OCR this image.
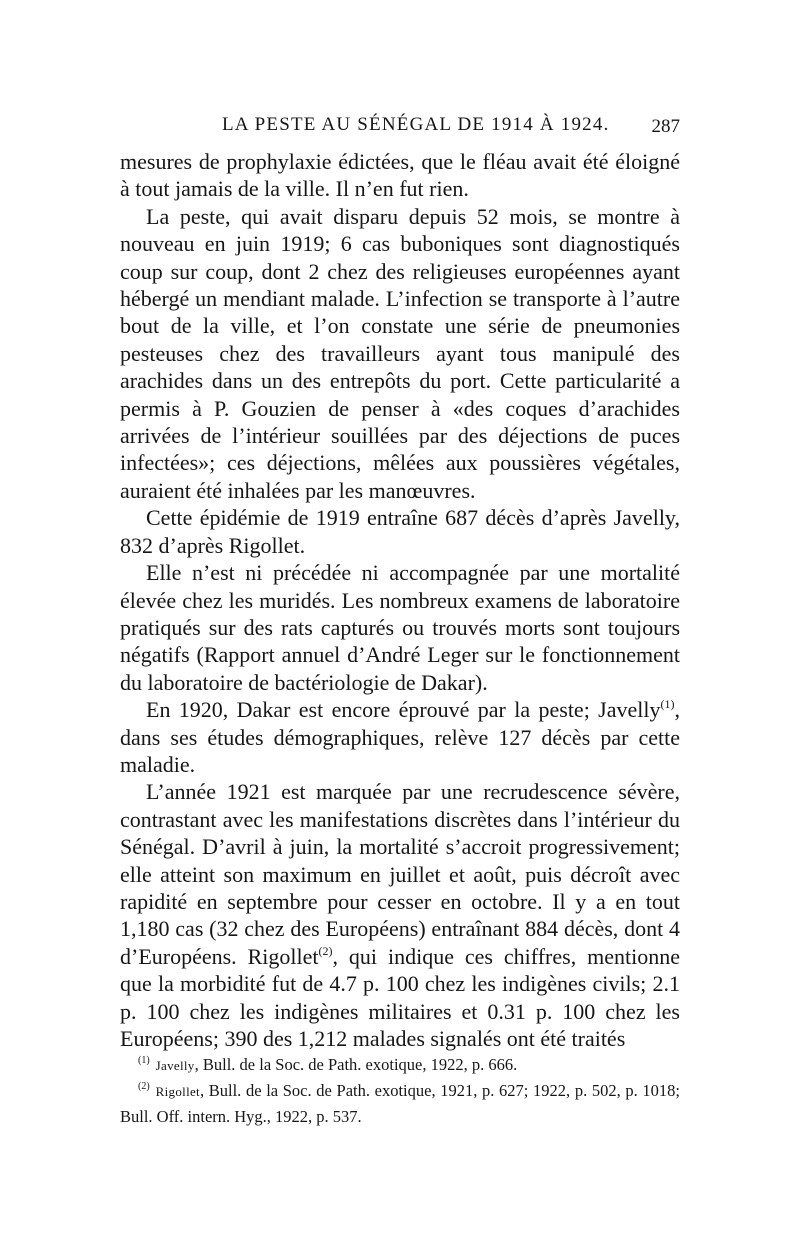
LA PESTE AU SÉNÉGAL DE 1914 À 1924. 287

mesures de prophylaxie édictées, que le fléau avait été éloigné à tout jamais de la ville. Il n’en fut rien.

La peste, qui avait disparu depuis 52 mois, se montre à nouveau en juin 1919; 6 cas buboniques sont diagnostiqués coup sur coup, dont 2 chez des religieuses européennes ayant hébergé un mendiant malade. L’infection se transporte à l’autre bout de la ville, et l’on constate une série de pneumonies pesteuses chez des travailleurs ayant tous manipulé des arachides dans un des entrepôts du port. Cette particularité a permis à P. Gouzien de penser à «des coques d’arachides arrivées de l’intérieur souillées par des déjections de puces infectées»; ces déjections, mêlées aux poussières végétales, auraient été inhalées par les manœuvres.

Cette épidémie de 1919 entraîne 687 décès d’après Javelly, 832 d’après Rigollet.

Elle n’est ni précédée ni accompagnée par une mortalité élevée chez les muridés. Les nombreux examens de laboratoire pratiqués sur des rats capturés ou trouvés morts sont toujours négatifs (Rapport annuel d’André Leger sur le fonctionnement du laboratoire de bactériologie de Dakar).

En 1920, Dakar est encore éprouvé par la peste; Javelly$^{(1)}$, dans ses études démographiques, relève 127 décès par cette maladie.

L’année 1921 est marquée par une recrudescence sévère, contrastant avec les manifestations discrètes dans l’intérieur du Sénégal. D’avril à juin, la mortalité s’accroit progressivement; elle atteint son maximum en juillet et août, puis décroît avec rapidité en septembre pour cesser en octobre. Il y a en tout 1,180 cas (32 chez des Européens) entraînant 884 décès, dont 4 d’Européens. Rigollet$^{(2)}$, qui indique ces chiffres, mentionne que la morbidité fut de 4.7 p. 100 chez les indigènes civils; 2.1 p. 100 chez les indigènes militaires et 0.31 p. 100 chez les Européens; 390 des 1,212 malades signalés ont été traités

$^{(1)}$ Javelly, Bull. de la Soc. de Path. exotique, 1922, p. 666.

$^{(2)}$ Rigollet, Bull. de la Soc. de Path. exotique, 1921, p. 627; 1922, p. 502, p. 1018; Bull. Off. intern. Hyg., 1922, p. 537.
